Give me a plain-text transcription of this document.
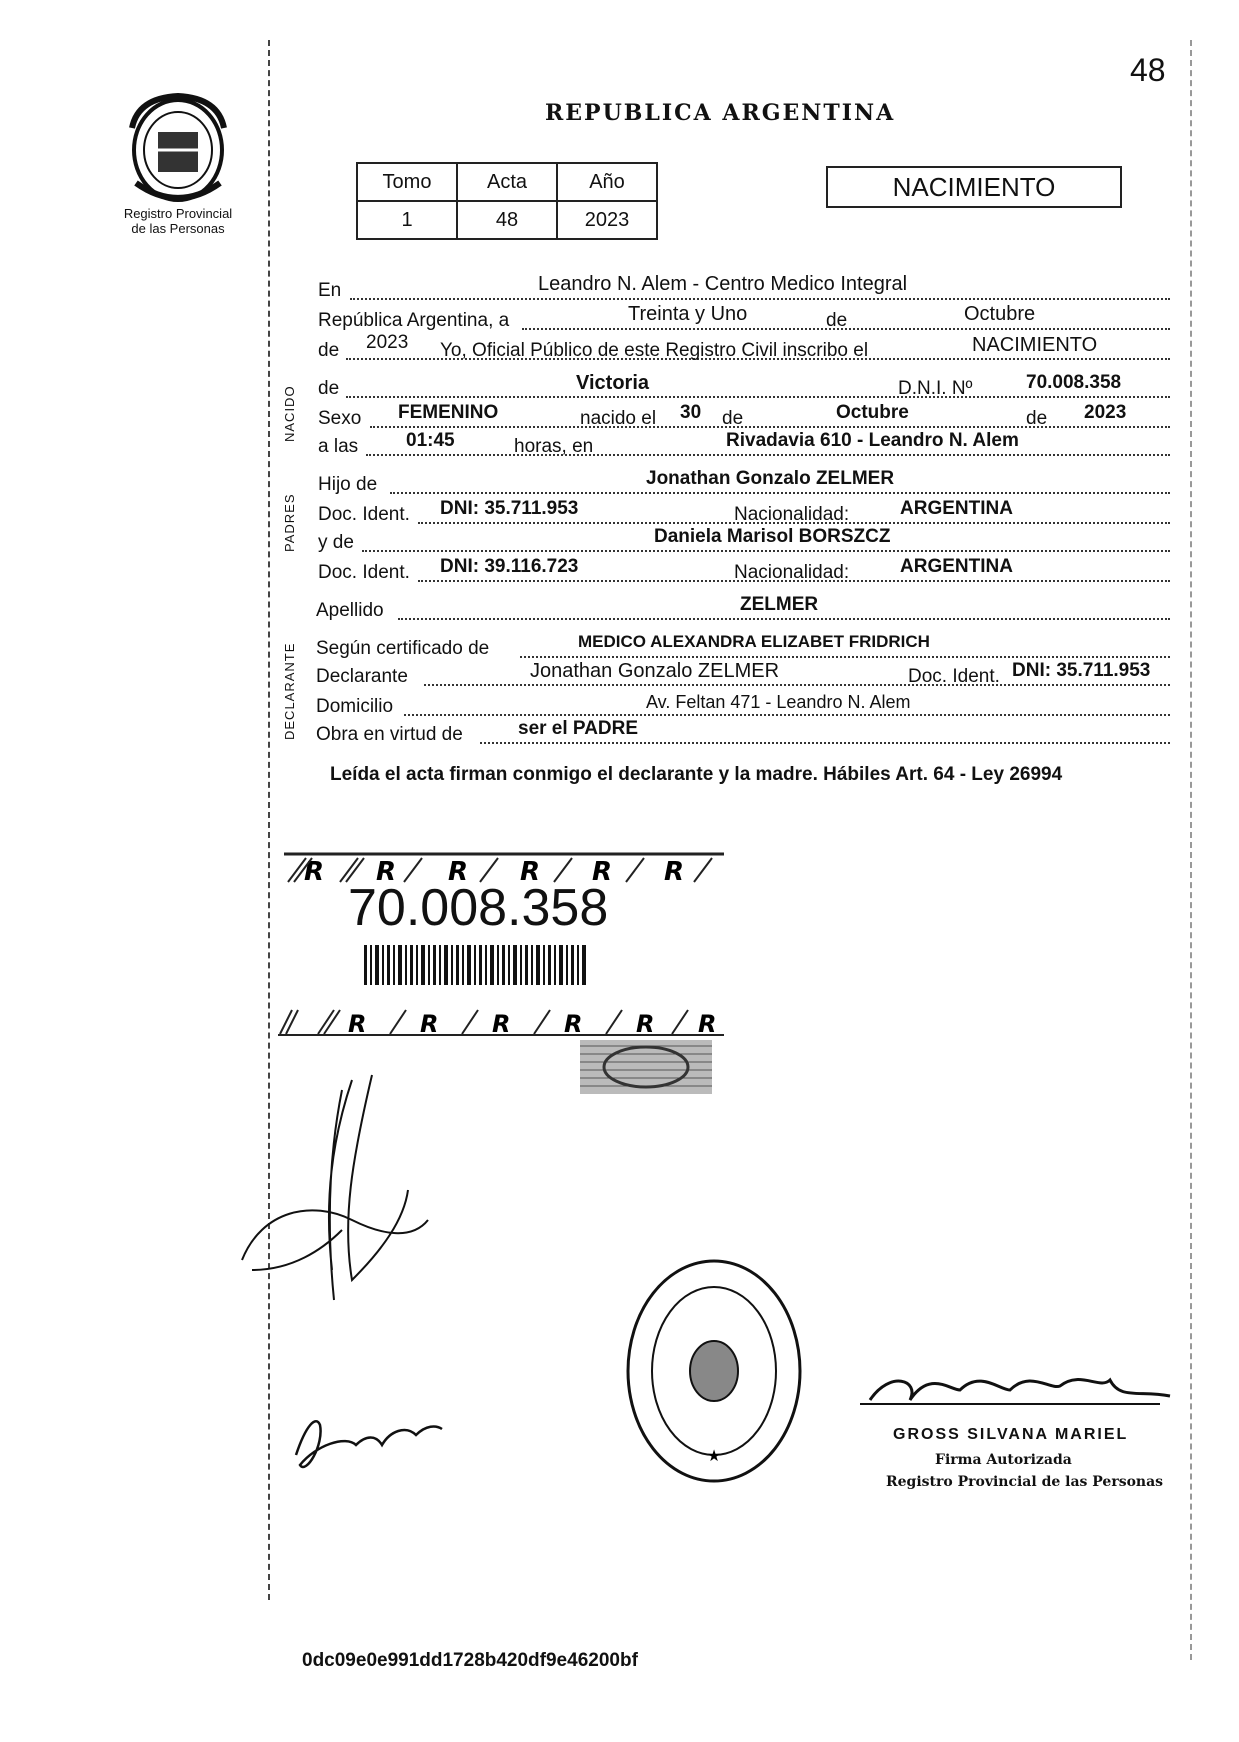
48
Registro Provincial
de las Personas
REPUBLICA ARGENTINA
Tomo	Acta	Año
1	48	2023
NACIMIENTO
NACIDO
PADRES
DECLARANTE
En	Leandro N. Alem - Centro Medico Integral
República Argentina, a	Treinta y Uno	de	Octubre
de 2023 Yo, Oficial Público de este Registro Civil inscribo el	NACIMIENTO
de	Victoria	D.N.I. Nº	70.008.358
Sexo FEMENINO	nacido el 30 de	Octubre	de 2023
a las	01:45	horas, en	Rivadavia 610 - Leandro N. Alem
Hijo de	Jonathan Gonzalo ZELMER
Doc. Ident. DNI: 35.711.953	Nacionalidad:	ARGENTINA
y de	Daniela Marisol BORSZCZ
Doc. Ident. DNI: 39.116.723	Nacionalidad:	ARGENTINA
Apellido	ZELMER
Según certificado de	MEDICO ALEXANDRA ELIZABET FRIDRICH
Declarante	Jonathan Gonzalo ZELMER	Doc. Ident. DNI: 35.711.953
Domicilio	Av. Feltan 471 - Leandro N. Alem
Obra en virtud de	ser el PADRE
Leída el acta firman conmigo el declarante y la madre. Hábiles Art. 64 - Ley 26994
R R R R R R
70.008.358
R R R R R R
★
GROSS SILVANA MARIEL
Firma Autorizada
Registro Provincial de las Personas
0dc09e0e991dd1728b420df9e46200bf
